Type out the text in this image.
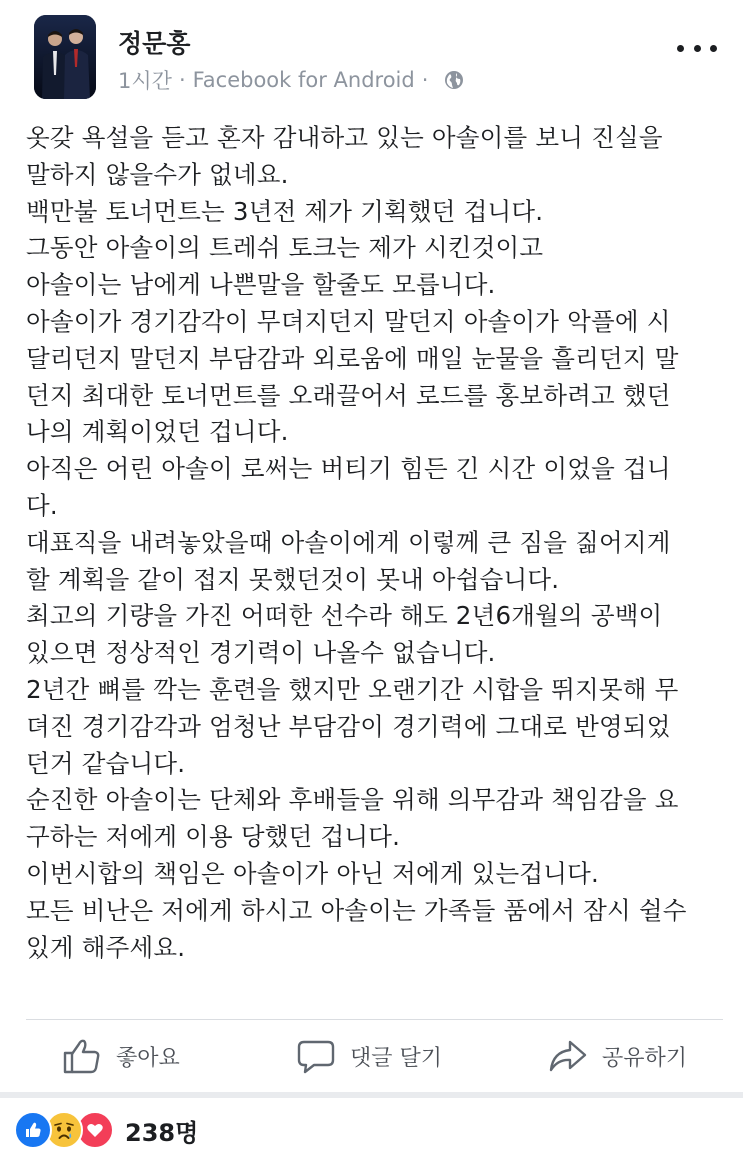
정문홍
1시간 · Facebook for Android ·
옷갖 욕설을 듣고 혼자 감내하고 있는 아솔이를 보니 진실을
말하지 않을수가 없네요.
백만불 토너먼트는 3년전 제가 기획했던 겁니다.
그동안 아솔이의 트레쉬 토크는 제가 시킨것이고
아솔이는 남에게 나쁜말을 할줄도 모릅니다.
아솔이가 경기감각이 무뎌지던지 말던지 아솔이가 악플에 시
달리던지 말던지 부담감과 외로움에 매일 눈물을 흘리던지 말
던지 최대한 토너먼트를 오래끌어서 로드를 홍보하려고 했던
나의 계획이었던 겁니다.
아직은 어린 아솔이 로써는 버티기 힘든 긴 시간 이었을 겁니
다.
대표직을 내려놓았을때 아솔이에게 이렇께 큰 짐을 짊어지게
할 계획을 같이 접지 못했던것이 못내 아쉽습니다.
최고의 기량을 가진 어떠한 선수라 해도 2년6개월의 공백이
있으면 정상적인 경기력이 나올수 없습니다.
2년간 뼈를 깍는 훈련을 했지만 오랜기간 시합을 뛰지못해 무
뎌진 경기감각과 엄청난 부담감이 경기력에 그대로 반영되었
던거 같습니다.
순진한 아솔이는 단체와 후배들을 위해 의무감과 책임감을 요
구하는 저에게 이용 당했던 겁니다.
이번시합의 책임은 아솔이가 아닌 저에게 있는겁니다.
모든 비난은 저에게 하시고 아솔이는 가족들 품에서 잠시 쉴수
있게 해주세요.
좋아요	댓글 달기	공유하기
238명
